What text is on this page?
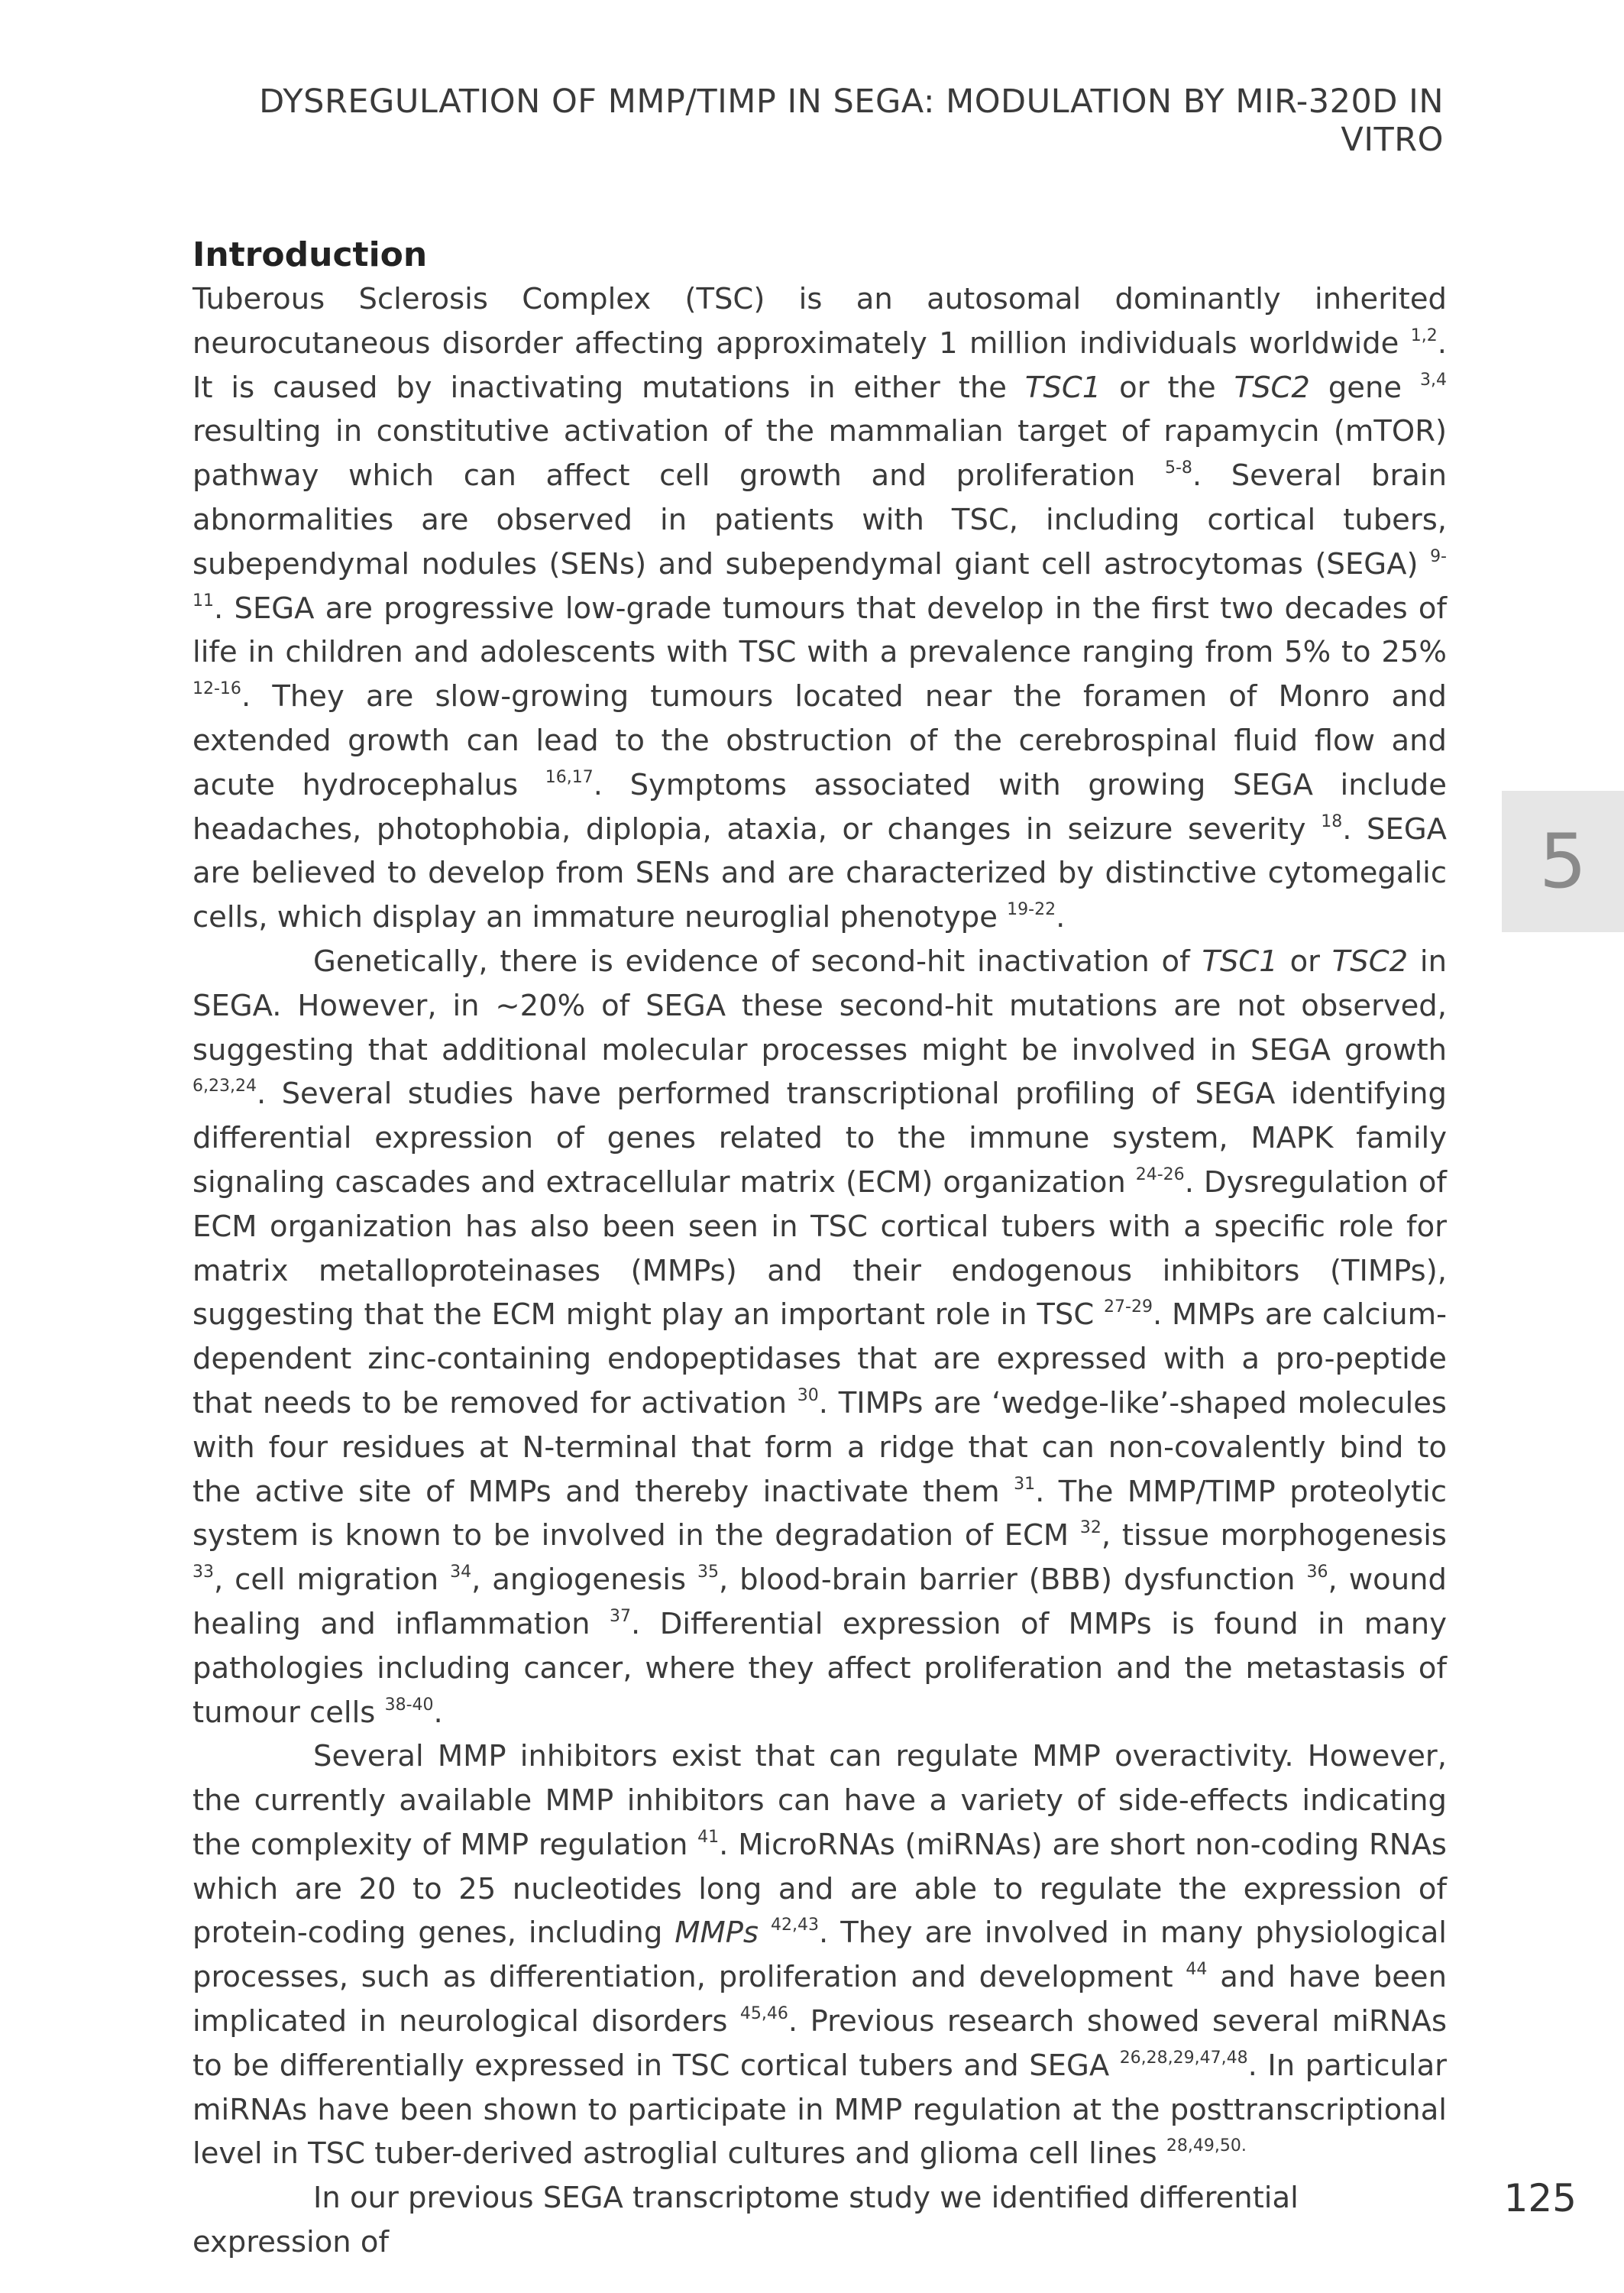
DYSREGULATION OF MMP/TIMP IN SEGA: MODULATION BY MIR-320D IN VITRO
Introduction

Tuberous Sclerosis Complex (TSC) is an autosomal dominantly inherited neurocutaneous disorder affecting approximately 1 million individuals worldwide $^{1,2}$. It is caused by inactivating mutations in either the TSC1 or the TSC2 gene $^{3,4}$ resulting in constitutive activation of the mammalian target of rapamycin (mTOR) pathway which can affect cell growth and proliferation $^{5-8}$. Several brain abnormalities are observed in patients with TSC, including cortical tubers, subependymal nodules (SENs) and subependymal giant cell astrocytomas (SEGA) $^{9-11}$. SEGA are progressive low-grade tumours that develop in the first two decades of life in children and adolescents with TSC with a prevalence ranging from 5% to 25% $^{12-16}$. They are slow-growing tumours located near the foramen of Monro and extended growth can lead to the obstruction of the cerebrospinal fluid flow and acute hydrocephalus $^{16,17}$. Symptoms associated with growing SEGA include headaches, photophobia, diplopia, ataxia, or changes in seizure severity $^{18}$. SEGA are believed to develop from SENs and are characterized by distinctive cytomegalic cells, which display an immature neuroglial phenotype $^{19-22}$.

Genetically, there is evidence of second-hit inactivation of TSC1 or TSC2 in SEGA. However, in ~20% of SEGA these second-hit mutations are not observed, suggesting that additional molecular processes might be involved in SEGA growth $^{6,23,24}$. Several studies have performed transcriptional profiling of SEGA identifying differential expression of genes related to the immune system, MAPK family signaling cascades and extracellular matrix (ECM) organization $^{24-26}$. Dysregulation of ECM organization has also been seen in TSC cortical tubers with a specific role for matrix metalloproteinases (MMPs) and their endogenous inhibitors (TIMPs), suggesting that the ECM might play an important role in TSC $^{27-29}$. MMPs are calcium-dependent zinc-containing endopeptidases that are expressed with a pro-peptide that needs to be removed for activation $^{30}$. TIMPs are ‘wedge-like’-shaped molecules with four residues at N-terminal that form a ridge that can non-covalently bind to the active site of MMPs and thereby inactivate them $^{31}$. The MMP/TIMP proteolytic system is known to be involved in the degradation of ECM $^{32}$, tissue morphogenesis $^{33}$, cell migration $^{34}$, angiogenesis $^{35}$, blood-brain barrier (BBB) dysfunction $^{36}$, wound healing and inflammation $^{37}$. Differential expression of MMPs is found in many pathologies including cancer, where they affect proliferation and the metastasis of tumour cells $^{38-40}$.

Several MMP inhibitors exist that can regulate MMP overactivity. However, the currently available MMP inhibitors can have a variety of side-effects indicating the complexity of MMP regulation $^{41}$. MicroRNAs (miRNAs) are short non-coding RNAs which are 20 to 25 nucleotides long and are able to regulate the expression of protein-coding genes, including MMPs $^{42,43}$. They are involved in many physiological processes, such as differentiation, proliferation and development $^{44}$ and have been implicated in neurological disorders $^{45,46}$. Previous research showed several miRNAs to be differentially expressed in TSC cortical tubers and SEGA $^{26,28,29,47,48}$. In particular miRNAs have been shown to participate in MMP regulation at the posttranscriptional level in TSC tuber-derived astroglial cultures and glioma cell lines $^{28,49,50.}$

In our previous SEGA transcriptome study we identified differential expression of

5
125
